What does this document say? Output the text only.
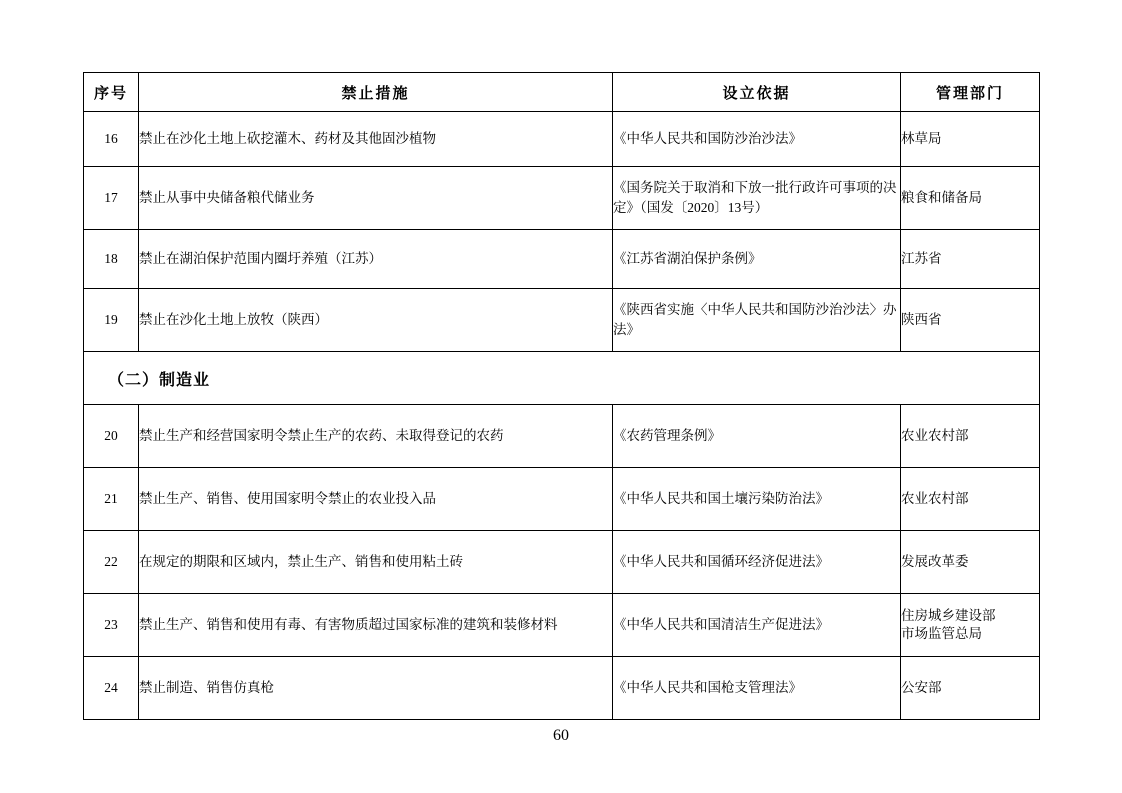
序号	禁止措施	设立依据	管理部门
16	禁止在沙化土地上砍挖灌木、药材及其他固沙植物	《中华人民共和国防沙治沙法》	林草局

17	禁止从事中央储备粮代储业务	《国务院关于取消和下放一批行政许可事项的决定》（国发〔2020〕13号）	粮食和储备局

18	禁止在湖泊保护范围内圈圩养殖（江苏）	《江苏省湖泊保护条例》	江苏省

19	禁止在沙化土地上放牧（陕西）	《陕西省实施〈中华人民共和国防沙治沙法〉办法》	陕西省

（二）制造业			
20	禁止生产和经营国家明令禁止生产的农药、未取得登记的农药	《农药管理条例》	农业农村部

21	禁止生产、销售、使用国家明令禁止的农业投入品	《中华人民共和国土壤污染防治法》	农业农村部

22	在规定的期限和区域内，禁止生产、销售和使用粘土砖	《中华人民共和国循环经济促进法》	发展改革委

23	禁止生产、销售和使用有毒、有害物质超过国家标准的建筑和装修材料	《中华人民共和国清洁生产促进法》	住房城乡建设部
市场监管总局

24	禁止制造、销售仿真枪	《中华人民共和国枪支管理法》	公安部
60
